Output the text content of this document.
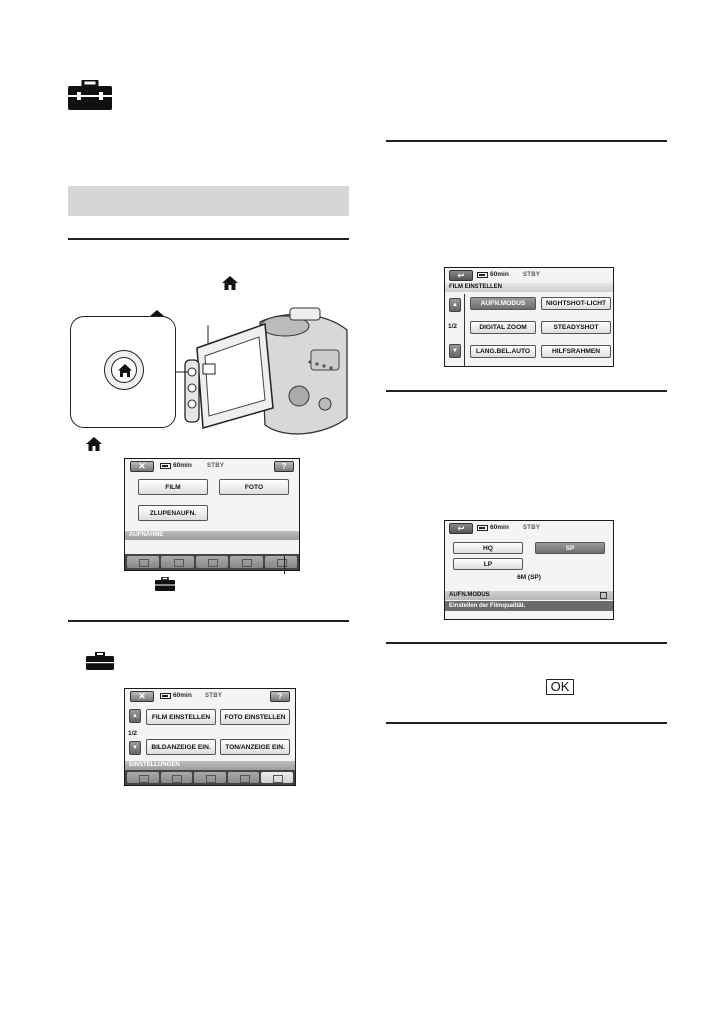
✕	60min	STBY	?
FILM	FOTO
ZLUPENAUFN.
AUFNAHME
✕	60min STBY	?
▲
1/2
▼
FILM EINSTELLEN	FOTO EINSTELLEN
BILDANZEIGE EIN.	TON/ANZEIGE EIN.
EINSTELLUNGEN
↩	60min STBY
FILM EINSTELLEN
▲
1/2
▼
AUFN.MODUS	NIGHTSHOT-LICHT
DIGITAL ZOOM	STEADYSHOT
LANG.BEL.AUTO	HILFSRAHMEN
↩	60min STBY
HQ	SP
LP
6M (SP)
AUFN.MODUS
Einstellen der Filmqualität.
OK
